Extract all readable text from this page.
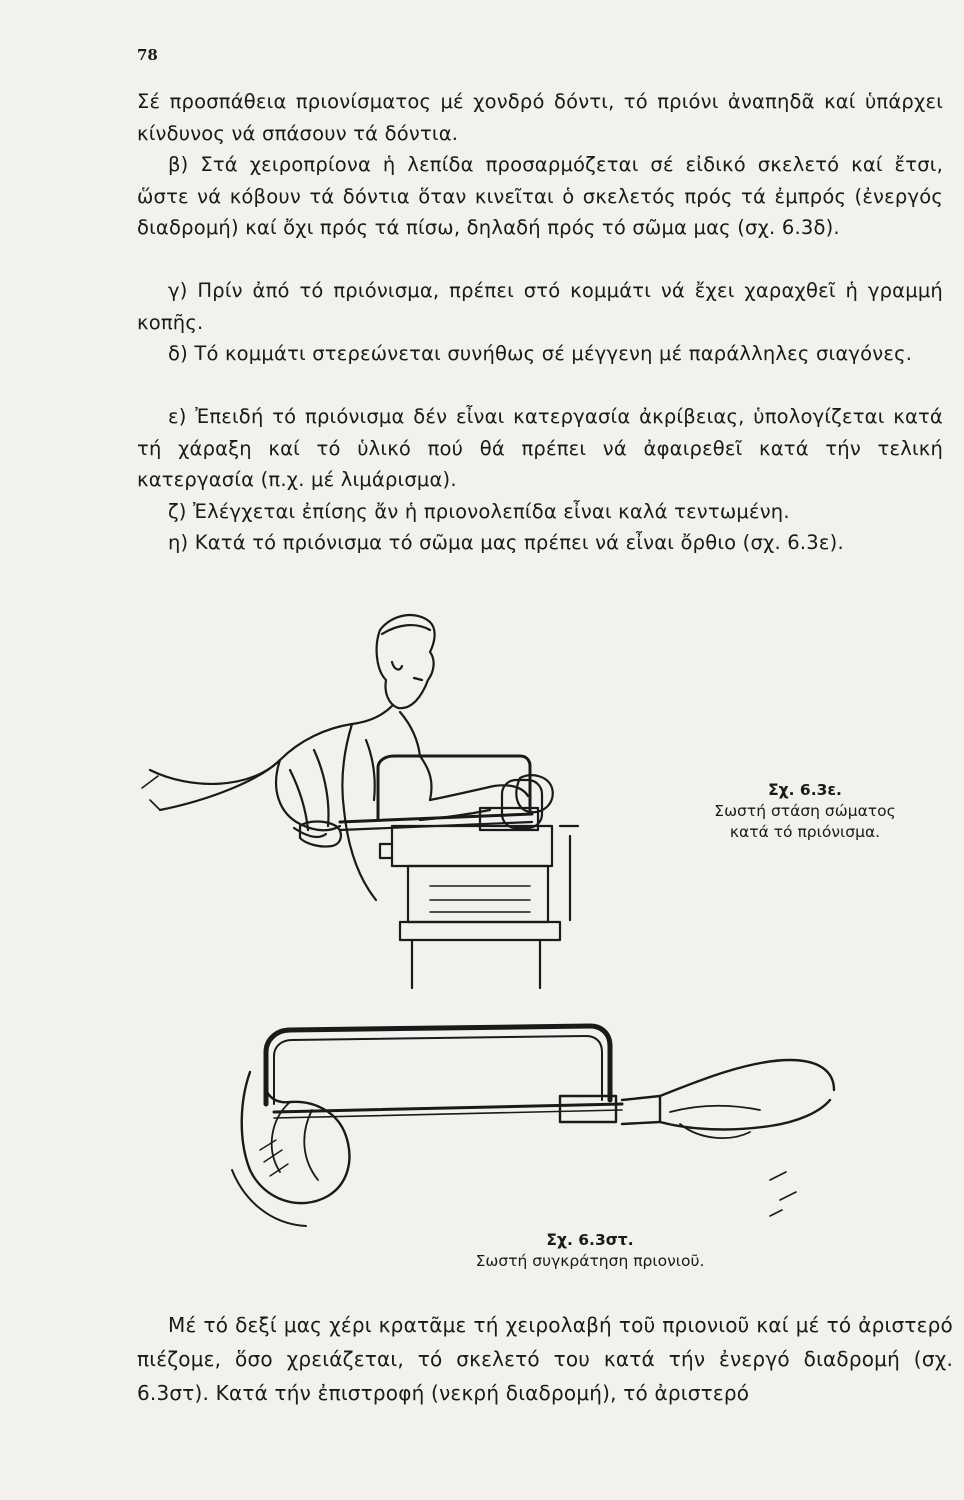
78

Σέ προσπάθεια πριονίσματος μέ χονδρό δόντι, τό πριόνι ἀναπηδᾶ καί ὑπάρχει κίνδυνος νά σπάσουν τά δόντια.

β) Στά χειροπρίονα ἡ λεπίδα προσαρμόζεται σέ εἰδικό σκελετό καί ἔτσι, ὥστε νά κόβουν τά δόντια ὅταν κινεῖται ὁ σκελετός πρός τά ἐμπρός (ἐνεργός διαδρομή) καί ὄχι πρός τά πίσω, δηλαδή πρός τό σῶμα μας (σχ. 6.3δ).

γ) Πρίν ἀπό τό πριόνισμα, πρέπει στό κομμάτι νά ἔχει χαραχθεῖ ἡ γραμμή κοπῆς.

δ) Τό κομμάτι στερεώνεται συνήθως σέ μέγγενη μέ παράλληλες σιαγόνες.

ε) Ἐπειδή τό πριόνισμα δέν εἶναι κατεργασία ἀκρίβειας, ὑπολογίζεται κατά τή χάραξη καί τό ὑλικό πού θά πρέπει νά ἀφαιρεθεῖ κατά τήν τελική κατεργασία (π.χ. μέ λιμάρισμα).

ζ) Ἐλέγχεται ἐπίσης ἄν ἡ πριονολεπίδα εἶναι καλά τεντωμένη.

η) Κατά τό πριόνισμα τό σῶμα μας πρέπει νά εἶναι ὄρθιο (σχ. 6.3ε).

Σχ. 6.3ε.
Σωστή στάση σώματος
κατά τό πριόνισμα.
Σχ. 6.3στ.
Σωστή συγκράτηση πριονιοῦ.

Μέ τό δεξί μας χέρι κρατᾶμε τή χειρολαβή τοῦ πριονιοῦ καί μέ τό ἀριστερό πιέζομε, ὅσο χρειάζεται, τό σκελετό του κατά τήν ἐνεργό διαδρομή (σχ. 6.3στ). Κατά τήν ἐπιστροφή (νεκρή διαδρομή), τό ἀριστερό
